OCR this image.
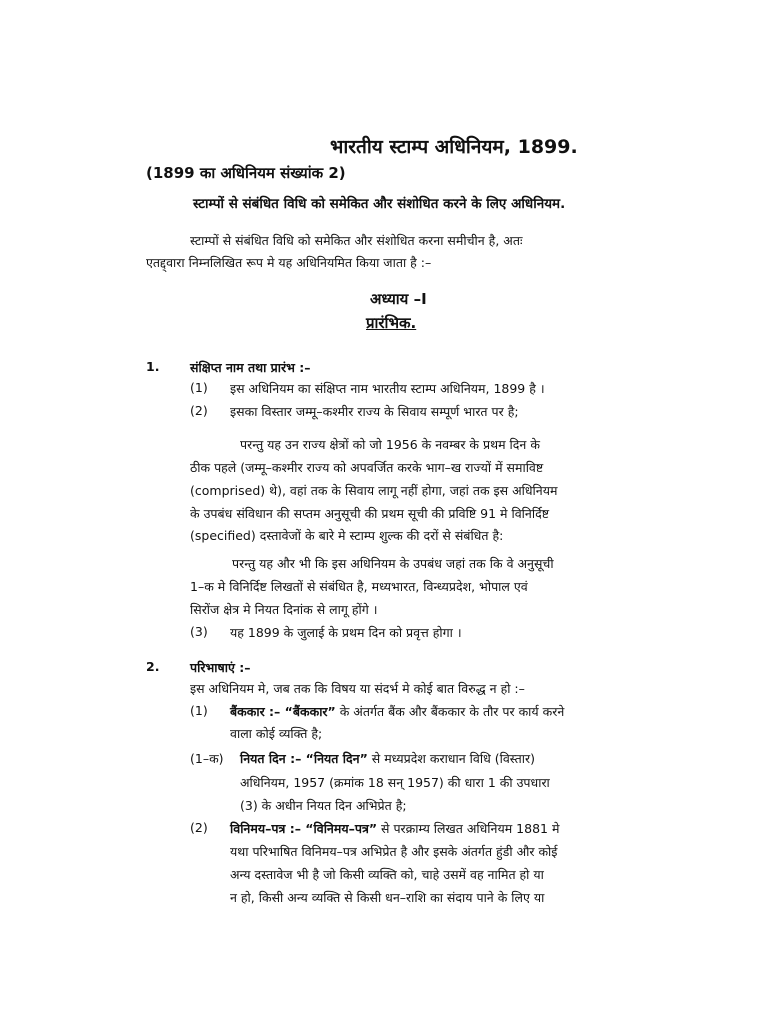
भारतीय स्टाम्प अधिनियम, 1899.
(1899 का अधिनियम संख्यांक 2)
स्टाम्पों से संबंधित विधि को समेकित और संशोधित करने के लिए अधिनियम.
स्टाम्पों से संबंधित विधि को समेकित और संशोधित करना समीचीन है, अतः
एतद्द्वारा निम्नलिखित रूप मे यह अधिनियमित किया जाता है :–
अध्याय –I
प्रारंभिक.
1. संक्षिप्त नाम तथा प्रारंभ :–
(1) इस अधिनियम का संक्षिप्त नाम भारतीय स्टाम्प अधिनियम, 1899 है ।
(2) इसका विस्तार जम्मू–कश्मीर राज्य के सिवाय सम्पूर्ण भारत पर है;
परन्तु यह उन राज्य क्षेत्रों को जो 1956 के नवम्बर के प्रथम दिन के
ठीक पहले (जम्मू–कश्मीर राज्य को अपवर्जित करके भाग–ख राज्यों में समाविष्ट
(comprised) थे), वहां तक के सिवाय लागू नहीं होगा, जहां तक इस अधिनियम
के उपबंध संविधान की सप्तम अनुसूची की प्रथम सूची की प्रविष्टि 91 मे विनिर्दिष्ट
(specified) दस्तावेजों के बारे मे स्टाम्प शुल्क की दरों से संबंधित है:
परन्तु यह और भी कि इस अधिनियम के उपबंध जहां तक कि वे अनुसूची
1–क मे विनिर्दिष्ट लिखतों से संबंधित है, मध्यभारत, विन्ध्यप्रदेश, भोपाल एवं
सिरोंज क्षेत्र मे नियत दिनांक से लागू होंगे ।
(3) यह 1899 के जुलाई के प्रथम दिन को प्रवृत्त होगा ।
2. परिभाषाएं :–
इस अधिनियम मे, जब तक कि विषय या संदर्भ मे कोई बात विरुद्ध न हो :–
(1) बैंककार :– “बैंककार” के अंतर्गत बैंक और बैंककार के तौर पर कार्य करने
वाला कोई व्यक्ति है;
(1–क) नियत दिन :– “नियत दिन” से मध्यप्रदेश कराधान विधि (विस्तार)
अधिनियम, 1957 (क्रमांक 18 सन् 1957) की धारा 1 की उपधारा
(3) के अधीन नियत दिन अभिप्रेत है;
(2) विनिमय–पत्र :– “विनिमय–पत्र” से परक्राम्य लिखत अधिनियम 1881 मे
यथा परिभाषित विनिमय–पत्र अभिप्रेत है और इसके अंतर्गत हुंडी और कोई
अन्य दस्तावेज भी है जो किसी व्यक्ति को, चाहे उसमें वह नामित हो या
न हो, किसी अन्य व्यक्ति से किसी धन–राशि का संदाय पाने के लिए या
